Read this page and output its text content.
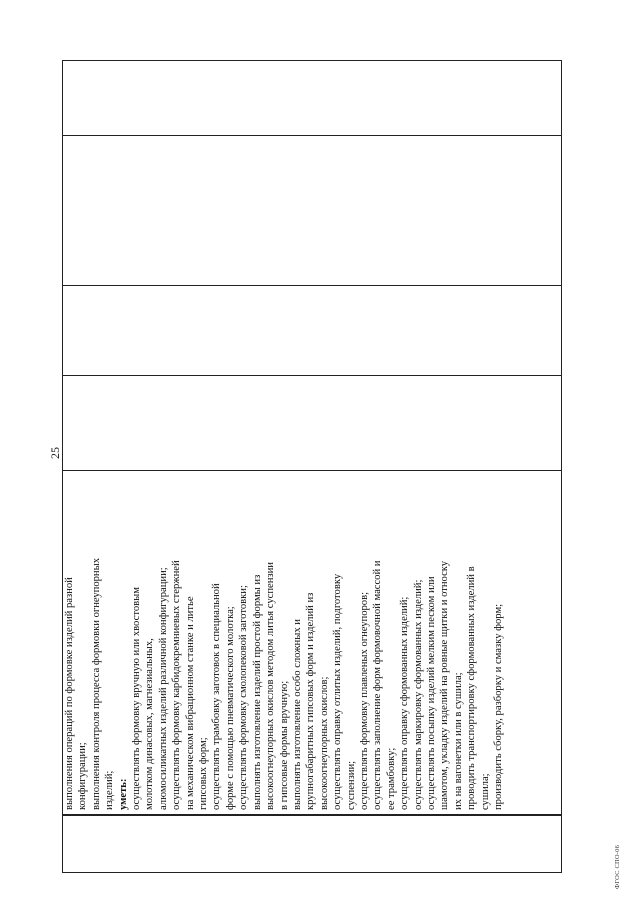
25

выполнения операций по формовке изделий разной конфигурации; выполнения контроля процесса формовки огнеупорных изделий; уметь: осуществлять формовку вручную или хвостовым молотком динасовых, магнезиальных, алюмосиликатных изделий различной конфигурации; осуществлять формовку карбидокремниевых стержней на механическом вибрационном станке и литье гипсовых форм; осуществлять трамбовку заготовок в специальной форме с помощью пневматического молотка; осуществлять формовку смолопековой заготовки; выполнять изготовление изделий простой формы из высокоогнеупорных окислов методом литья суспензии в гипсовые формы вручную; выполнять изготовление особо сложных и крупногабаритных гипсовых форм и изделий из высокоогнеупорных окислов; осуществлять оправку отлитых изделий, подготовку суспензии; осуществлять формовку плавленых огнеупоров; осуществлять заполнение форм формовочной массой и ее трамбовку; осуществлять оправку сформованных изделий; осуществлять маркировку сформованных изделий; осуществлять посыпку изделий мелким песком или шамотом, укладку изделий на ровные щитки и относку их на вагонетки или в сушила; проводить транспортировку сформованных изделий в сушила; производить сборку, разборку и смазку форм;

ФГОС СПО-06
